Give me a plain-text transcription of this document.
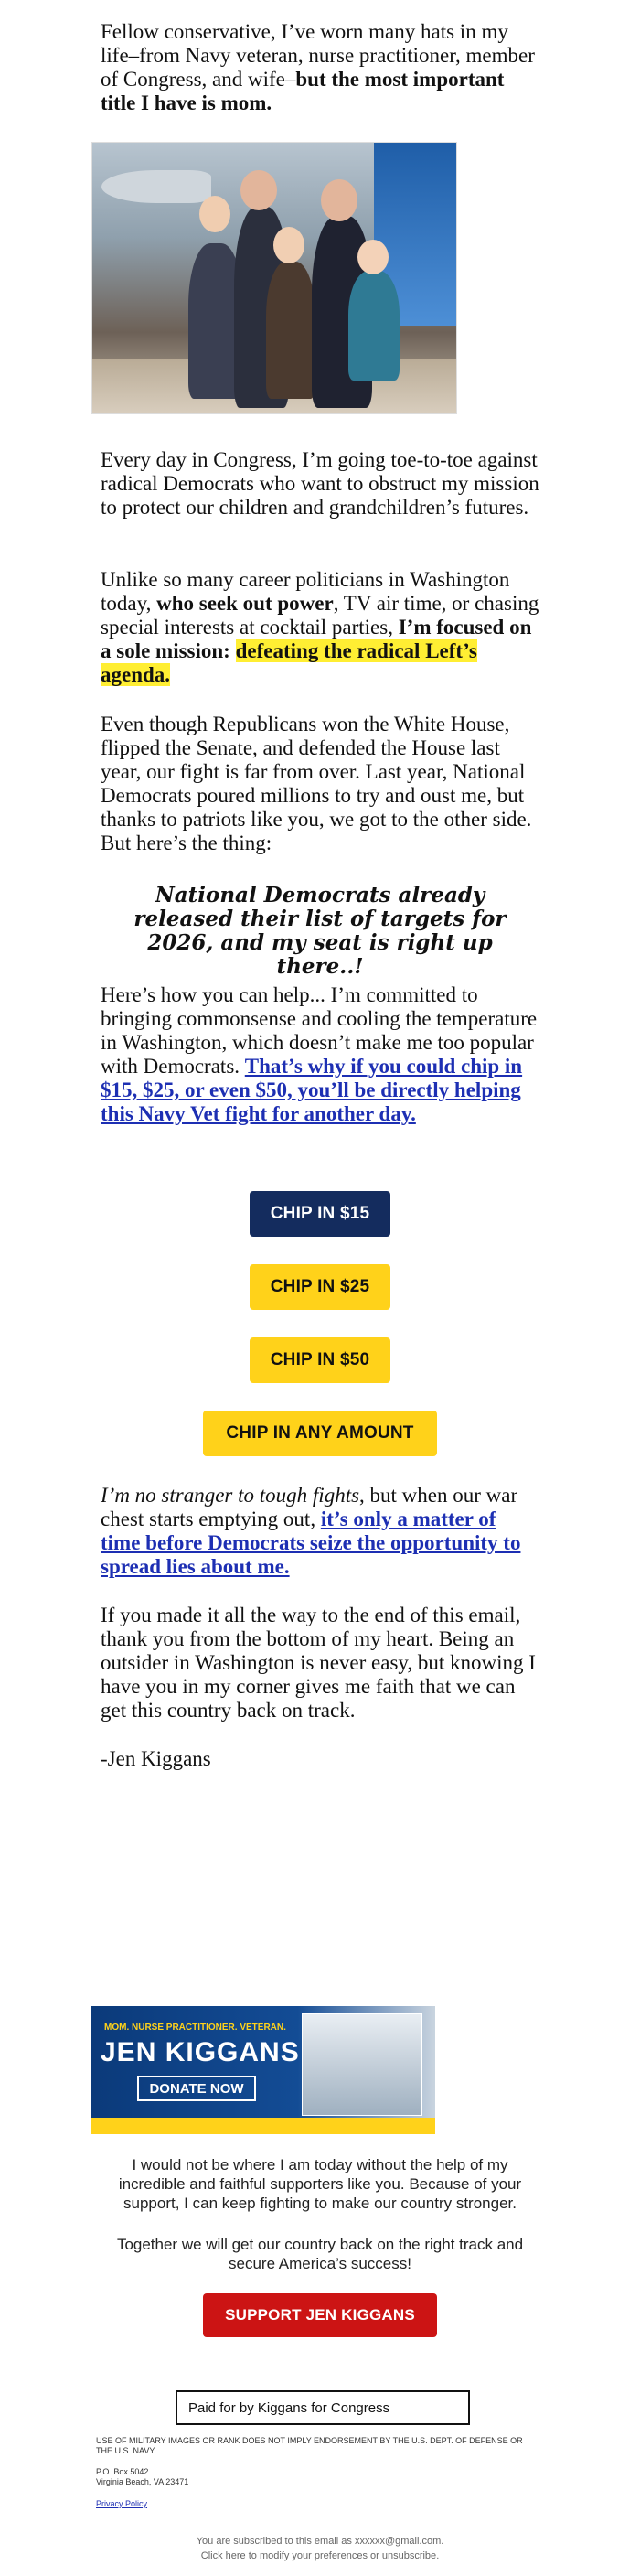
Fellow conservative, I’ve worn many hats in my life–from Navy veteran, nurse practitioner, member of Congress, and wife–but the most important title I have is mom.
Every day in Congress, I’m going toe-to-toe against radical Democrats who want to obstruct my mission to protect our children and grandchildren’s futures.
Unlike so many career politicians in Washington today, who seek out power, TV air time, or chasing special interests at cocktail parties, I’m focused on a sole mission: defeating the radical Left’s agenda.
Even though Republicans won the White House, flipped the Senate, and defended the House last year, our fight is far from over. Last year, National Democrats poured millions to try and oust me, but thanks to patriots like you, we got to the other side. But here’s the thing:
National Democrats already released their list of targets for 2026, and my seat is right up there..!
Here’s how you can help... I’m committed to bringing commonsense and cooling the temperature in Washington, which doesn’t make me too popular with Democrats. That’s why if you could chip in $15, $25, or even $50, you’ll be directly helping this Navy Vet fight for another day.
CHIP IN $15
CHIP IN $25
CHIP IN $50
CHIP IN ANY AMOUNT
I’m no stranger to tough fights, but when our war chest starts emptying out, it’s only a matter of time before Democrats seize the opportunity to spread lies about me.
If you made it all the way to the end of this email, thank you from the bottom of my heart. Being an outsider in Washington is never easy, but knowing I have you in my corner gives me faith that we can get this country back on track.
-Jen Kiggans
MOM. NURSE PRACTITIONER. VETERAN.
JEN KIGGANS
DONATE NOW
I would not be where I am today without the help of my incredible and faithful supporters like you. Because of your support, I can keep fighting to make our country stronger.
Together we will get our country back on the right track and secure America’s success!
SUPPORT JEN KIGGANS
Paid for by Kiggans for Congress
USE OF MILITARY IMAGES OR RANK DOES NOT IMPLY ENDORSEMENT BY THE U.S. DEPT. OF DEFENSE OR THE U.S. NAVY
P.O. Box 5042
Virginia Beach, VA 23471
Privacy Policy
You are subscribed to this email as xxxxxx@gmail.com.
Click here to modify your preferences or unsubscribe.
